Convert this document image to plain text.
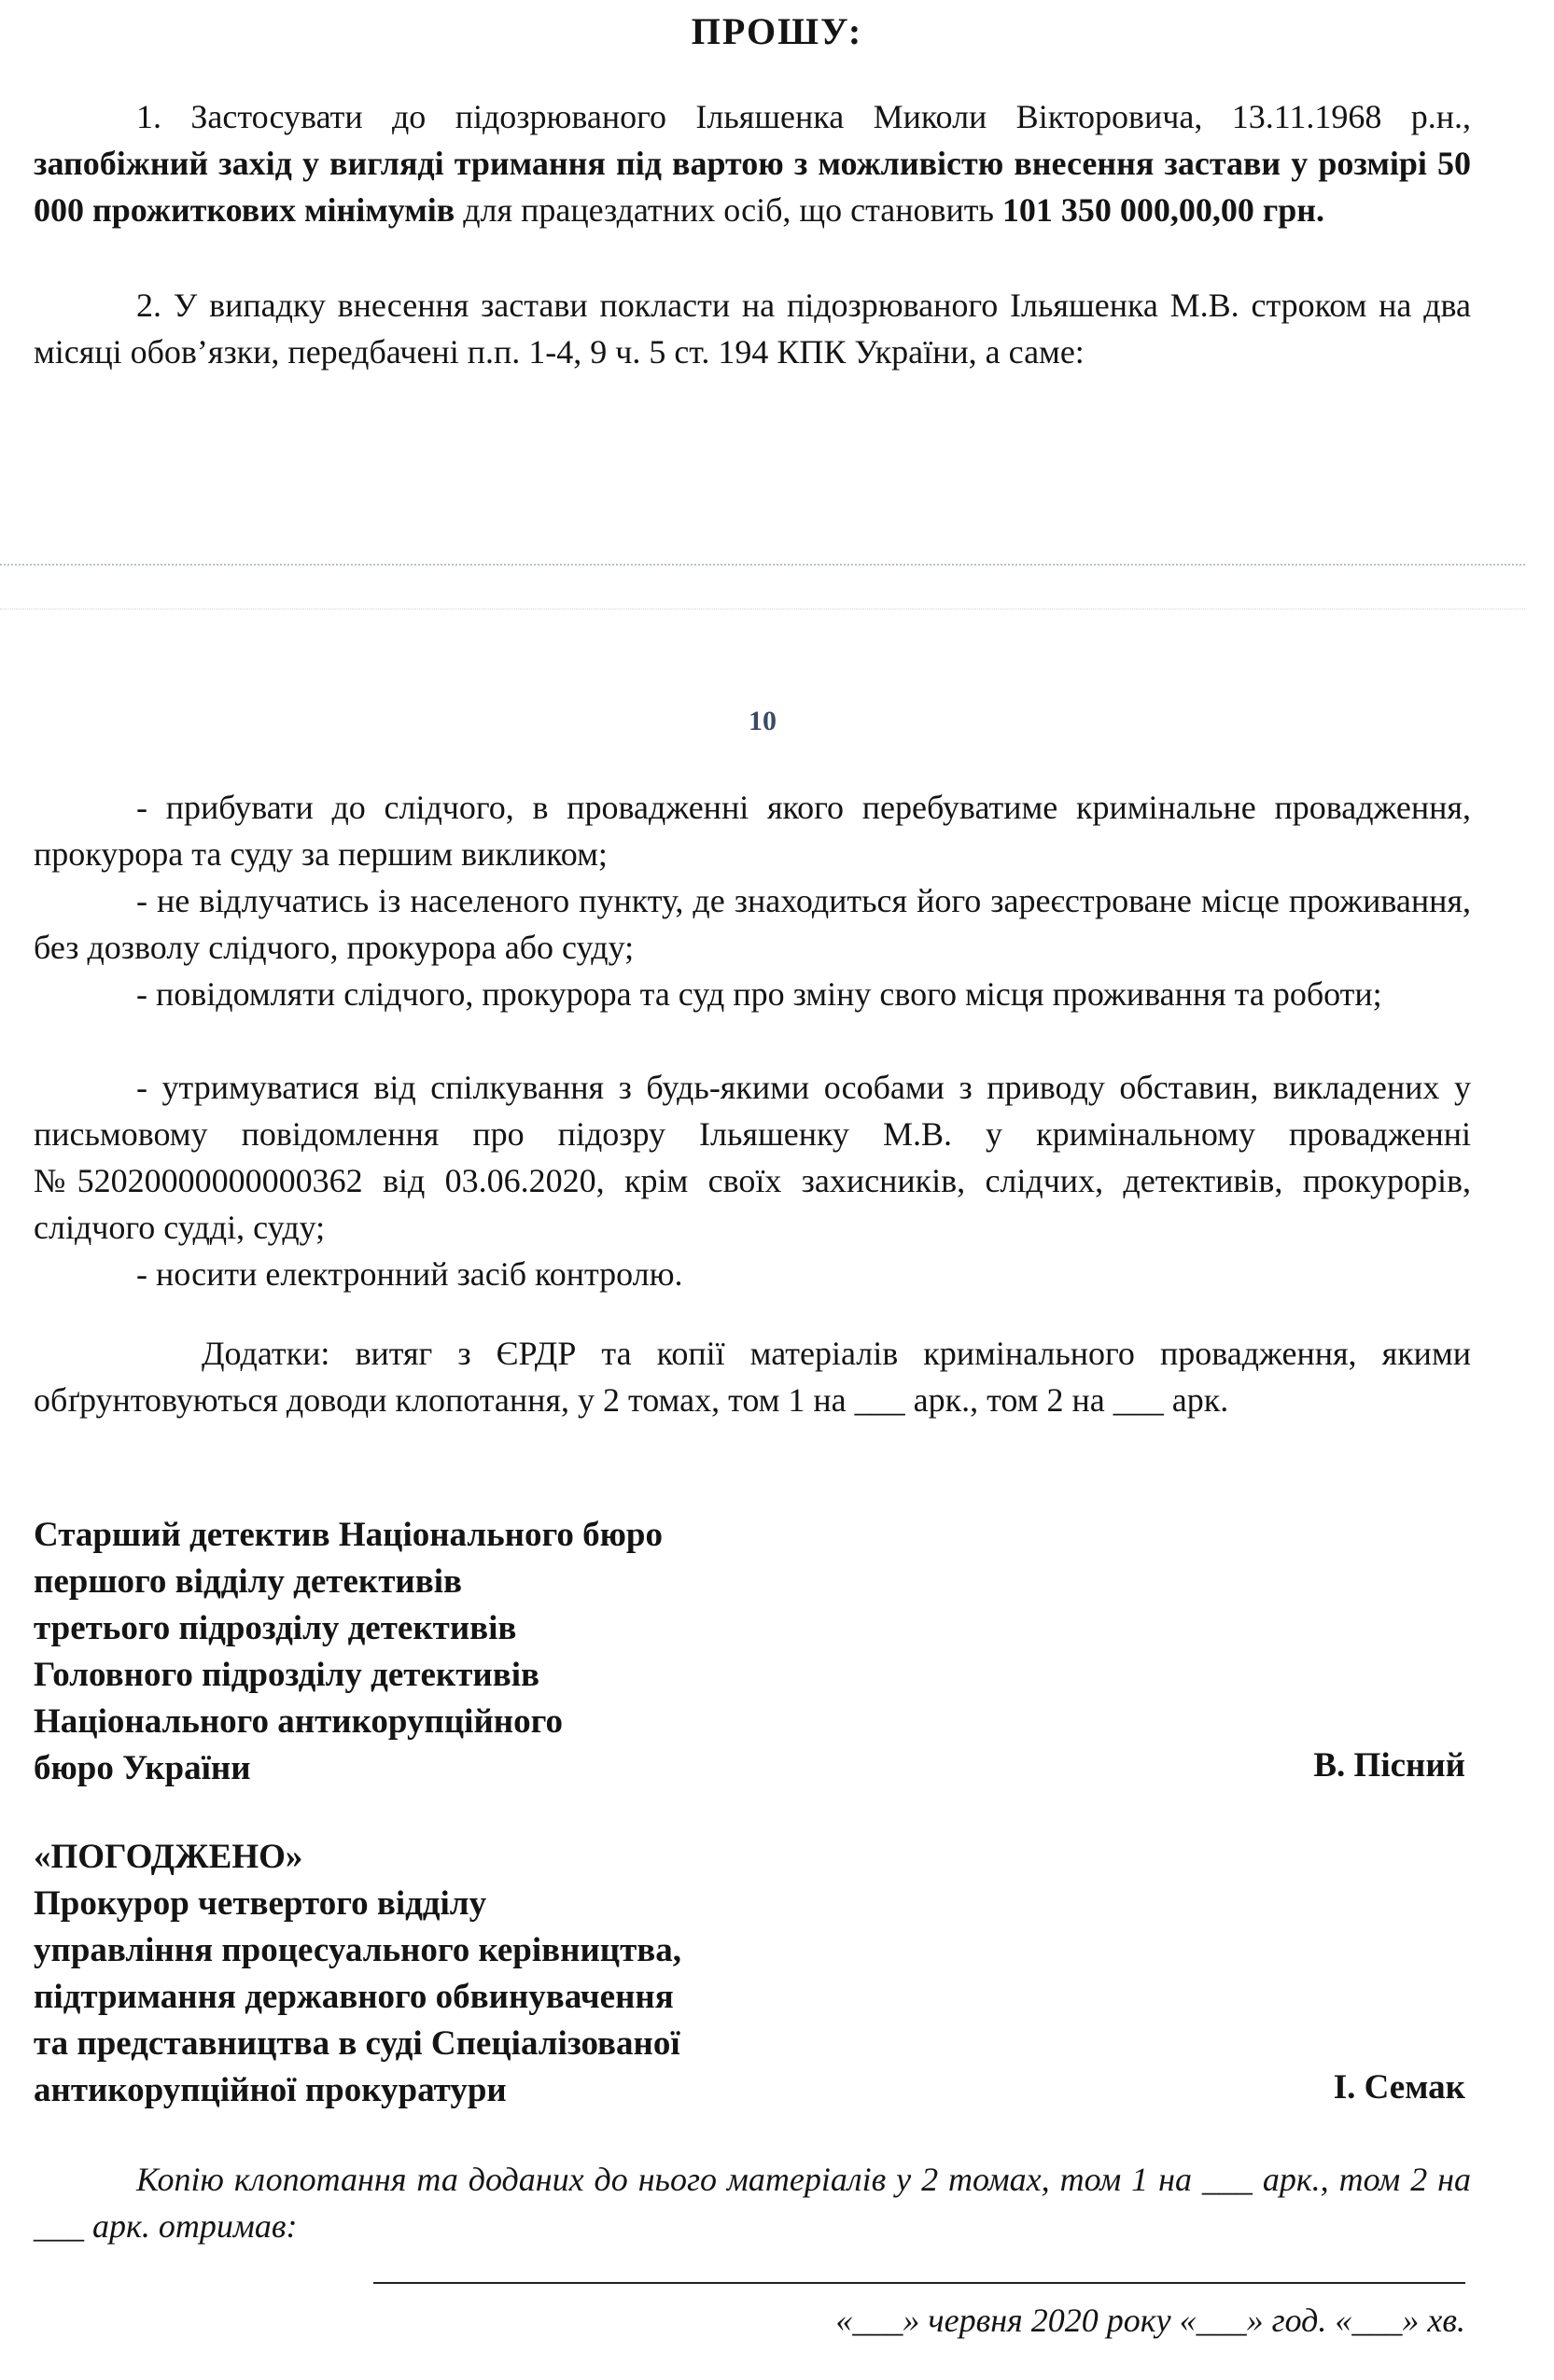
ПРОШУ:

1. Застосувати до підозрюваного Ільяшенка Миколи Вікторовича, 13.11.1968 р.н., запобіжний захід у вигляді тримання під вартою з можливістю внесення застави у розмірі 50 000 прожиткових мінімумів для працездатних осіб, що становить 101 350 000,00,00 грн.

2. У випадку внесення застави покласти на підозрюваного Ільяшенка М.В. строком на два місяці обов’язки, передбачені п.п. 1-4, 9 ч. 5 ст. 194 КПК України, а саме:

10

- прибувати до слідчого, в провадженні якого перебуватиме кримінальне провадження, прокурора та суду за першим викликом;

- не відлучатись із населеного пункту, де знаходиться його зареєстроване місце проживання, без дозволу слідчого, прокурора або суду;

- повідомляти слідчого, прокурора та суд про зміну свого місця проживання та роботи;

- утримуватися від спілкування з будь-якими особами з приводу обставин, викладених у письмовому повідомлення про підозру Ільяшенку М.В. у кримінальному провадженні №52020000000000362 від 03.06.2020, крім своїх захисників, слідчих, детективів, прокурорів, слідчого судді, суду;

- носити електронний засіб контролю.

Додатки: витяг з ЄРДР та копії матеріалів кримінального провадження, якими обґрунтовуються доводи клопотання, у 2 томах, том 1 на ___ арк., том 2 на ___ арк.

Старший детектив Національного бюро
першого відділу детективів
третього підрозділу детективів
Головного підрозділу детективів
Національного антикорупційного
бюро України	В. Пісний
«ПОГОДЖЕНО»
Прокурор четвертого відділу
управління процесуального керівництва,
підтримання державного обвинувачення
та представництва в суді Спеціалізованої
антикорупційної прокуратури	І. Семак

Копію клопотання та доданих до нього матеріалів у 2 томах, том 1 на ___ арк., том 2 на ___ арк. отримав:

«___» червня 2020 року «___» год. «___» хв.
